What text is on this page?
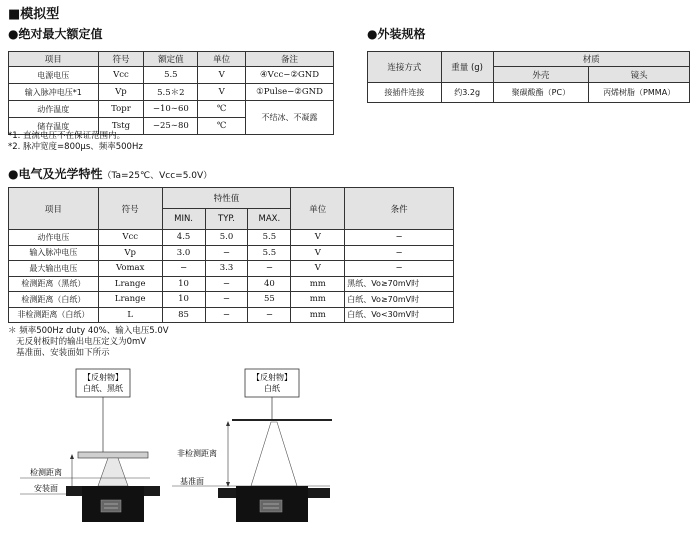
■模拟型
●绝对最大额定值
项目	符号	额定值	单位	备注
电源电压	Vcc	5.5	V	④Vcc−②GND
输入脉冲电压*1	Vp	5.5＊2	V	①Pulse−②GND
动作温度	Topr	−10∼60	℃	不结冰、不凝露
储存温度	Tstg	−25∼80	℃	
*1. 直流电压不在保证范围内。
*2. 脉冲宽度=800µs、频率500Hz
●外装规格
连接方式	重量 (g)	材质	
		外壳	镜头
接插件连接	约3.2g	聚碳酸酯（PC）	丙烯树脂（PMMA）
●电气及光学特性（Ta=25℃、Vcc=5.0V）
项目	符号	特性值			单位	条件
		MIN.	TYP.	MAX.		
动作电压	Vcc	4.5	5.0	5.5	V	−
输入脉冲电压	Vp	3.0	−	5.5	V	−
最大输出电压	Vomax	−	3.3	−	V	−
检测距离（黑纸）	Lrange	10	−	40	mm	黑纸、Vo≥70mV时
检测距离（白纸）	Lrange	10	−	55	mm	白纸、Vo≥70mV时
非检测距离（白纸）	L	85	−	−	mm	白纸、Vo<30mV时
＊ 频率500Hz duty 40%、输入电压5.0V
无反射板时的输出电压定义为0mV
基准面、安装面如下所示
【反射物】
白纸、黑纸
检测距离
安装面
【反射物】
白纸
非检测距离
基准面
